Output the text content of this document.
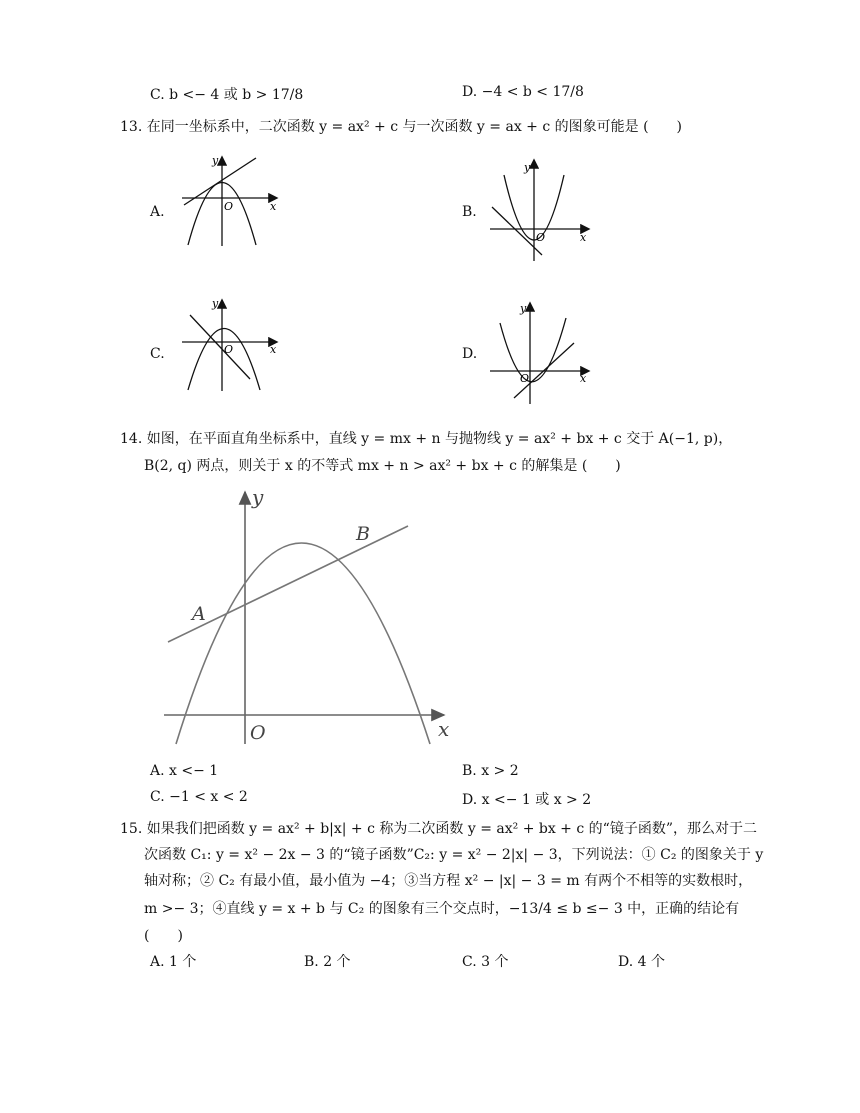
C. b <− 4 或 b > 17/8	D. −4 < b < 17/8
13. 在同一坐标系中，二次函数 y = ax² + c 与一次函数 y = ax + c 的图象可能是 (　　)
A.
y
x
O	B.
y
x
O
C.
y
x
O	D.
y
x
O
14. 如图，在平面直角坐标系中，直线 y = mx + n 与抛物线 y = ax² + bx + c 交于 A(−1, p)，
B(2, q) 两点，则关于 x 的不等式 mx + n > ax² + bx + c 的解集是 (　　)
y
x
O
A
B
A. x <− 1	B. x > 2
C. −1 < x < 2	D. x <− 1 或 x > 2
15. 如果我们把函数 y = ax² + b|x| + c 称为二次函数 y = ax² + bx + c 的“镜子函数”，那么对于二
次函数 C₁: y = x² − 2x − 3 的“镜子函数”C₂: y = x² − 2|x| − 3，下列说法：① C₂ 的图象关于 y
轴对称；② C₂ 有最小值，最小值为 −4；③当方程 x² − |x| − 3 = m 有两个不相等的实数根时，
m >− 3；④直线 y = x + b 与 C₂ 的图象有三个交点时，−13/4 ≤ b ≤− 3 中，正确的结论有
(　　)
A. 1 个	B. 2 个	C. 3 个	D. 4 个
